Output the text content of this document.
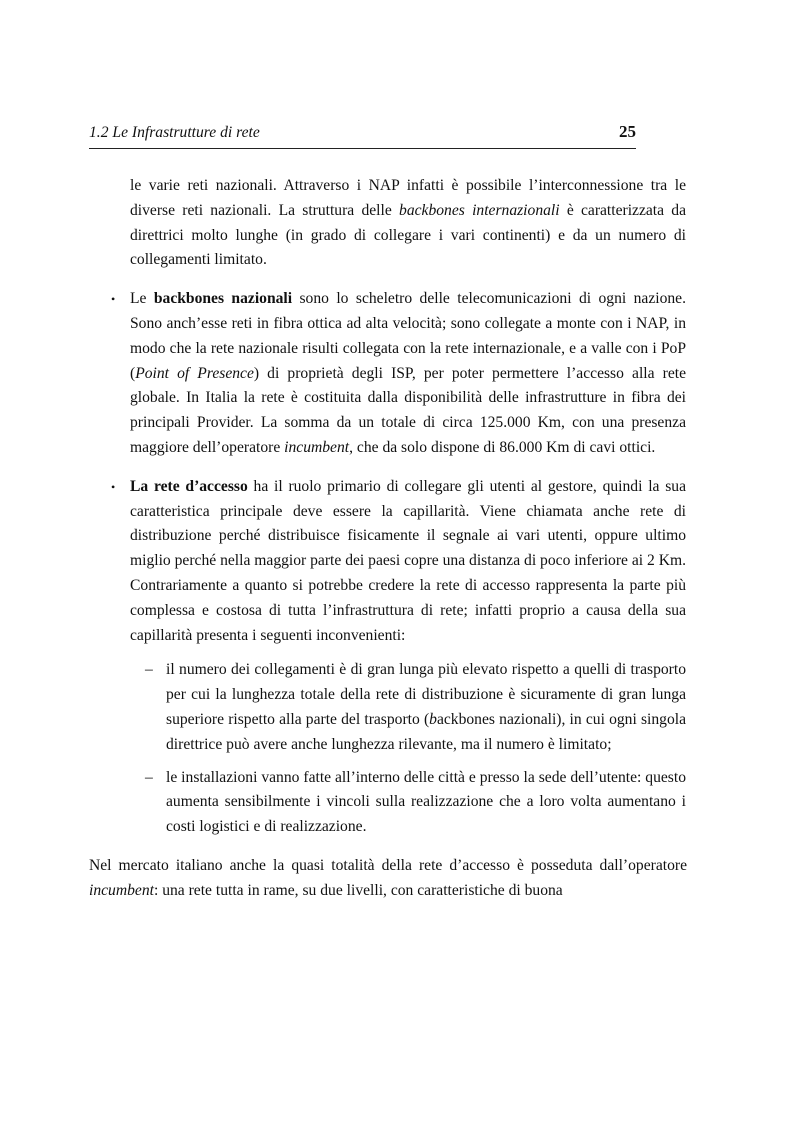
1.2 Le Infrastrutture di rete	25

le varie reti nazionali. Attraverso i NAP infatti è possibile l’interconnessione tra le diverse reti nazionali. La struttura delle backbones internazionali è caratterizzata da direttrici molto lunghe (in grado di collegare i vari continenti) e da un numero di collegamenti limitato.

• Le backbones nazionali sono lo scheletro delle telecomunicazioni di ogni nazione. Sono anch’esse reti in fibra ottica ad alta velocità; sono collegate a monte con i NAP, in modo che la rete nazionale risulti collegata con la rete internazionale, e a valle con i PoP (Point of Presence) di proprietà degli ISP, per poter permettere l’accesso alla rete globale. In Italia la rete è costituita dalla disponibilità delle infrastrutture in fibra dei principali Provider. La somma da un totale di circa 125.000 Km, con una presenza maggiore dell’operatore incumbent, che da solo dispone di 86.000 Km di cavi ottici.

• La rete d’accesso ha il ruolo primario di collegare gli utenti al gestore, quindi la sua caratteristica principale deve essere la capillarità. Viene chiamata anche rete di distribuzione perché distribuisce fisicamente il segnale ai vari utenti, oppure ultimo miglio perché nella maggior parte dei paesi copre una distanza di poco inferiore ai 2 Km. Contrariamente a quanto si potrebbe credere la rete di accesso rappresenta la parte più complessa e costosa di tutta l’infrastruttura di rete; infatti proprio a causa della sua capillarità presenta i seguenti inconvenienti:

– il numero dei collegamenti è di gran lunga più elevato rispetto a quelli di trasporto per cui la lunghezza totale della rete di distribuzione è sicuramente di gran lunga superiore rispetto alla parte del trasporto (backbones nazionali), in cui ogni singola direttrice può avere anche lunghezza rilevante, ma il numero è limitato;

– le installazioni vanno fatte all’interno delle città e presso la sede dell’utente: questo aumenta sensibilmente i vincoli sulla realizzazione che a loro volta aumentano i costi logistici e di realizzazione.

Nel mercato italiano anche la quasi totalità della rete d’accesso è posseduta dall’operatore incumbent: una rete tutta in rame, su due livelli, con caratteristiche di buona
